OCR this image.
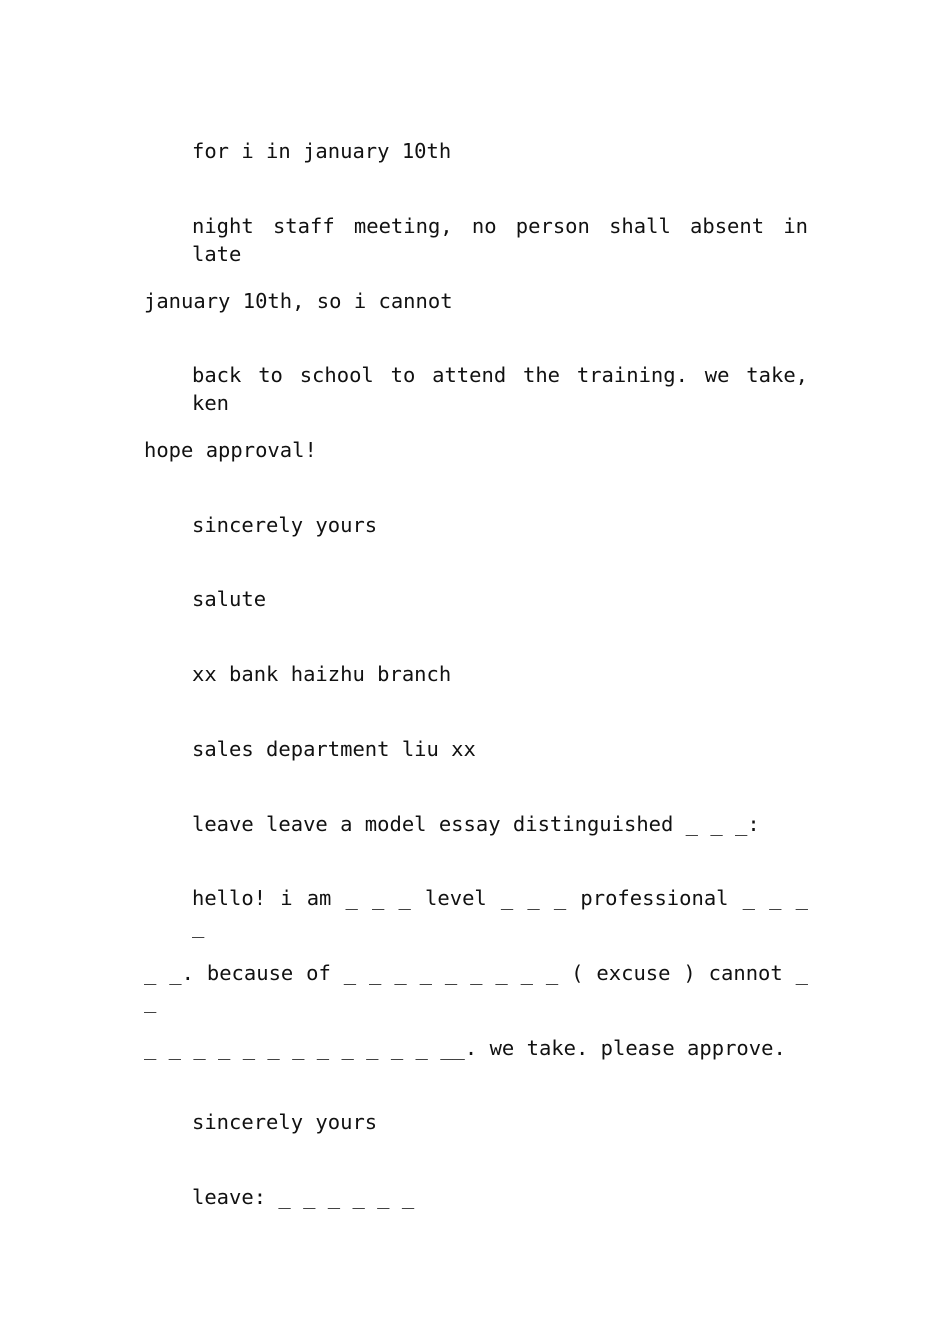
for i in january 10th

night staff meeting, no person shall absent in late

january 10th, so i cannot

back to school to attend the training. we take, ken

hope approval!

sincerely yours

salute

xx bank haizhu branch

sales department liu xx

leave leave a model essay distinguished _ _ _:

hello! i am _ _ _ level _ _ _ professional _ _ _ _

_ _. because of _ _ _ _ _ _ _ _ _ ( excuse ) cannot _ _

_ _ _ _ _ _ _ _ _ _ _ _ __. we take. please approve.

sincerely yours

leave: _ _ _ _ _ _
